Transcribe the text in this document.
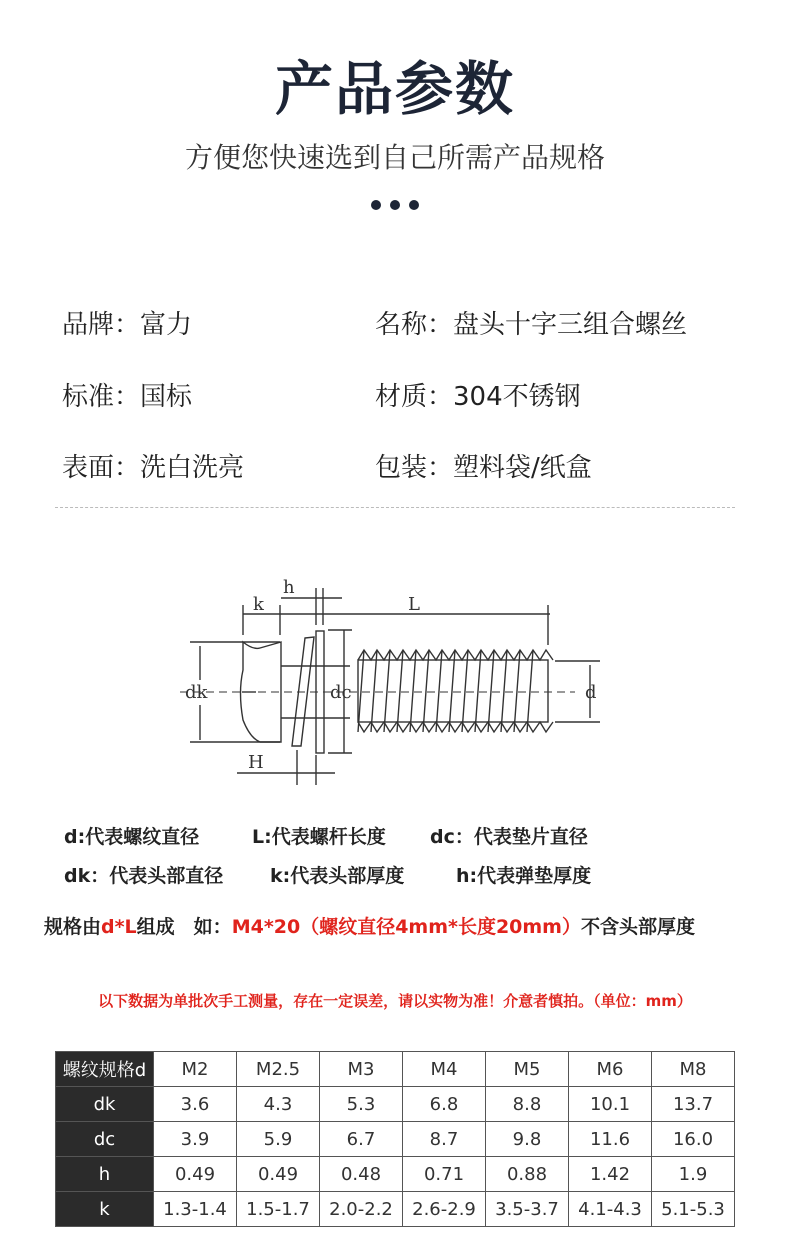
产品参数
方便您快速选到自己所需产品规格
品牌：富力	名称：盘头十字三组合螺丝
标准：国标	材质：304不锈钢
表面：洗白洗亮	包装：塑料袋/纸盒
k
h
L
dk	dc	d
H
d:代表螺纹直径	L:代表螺杆长度 dc：代表垫片直径
dk：代表头部直径 k:代表头部厚度	h:代表弹垫厚度
规格由d*L组成　如：M4*20（螺纹直径4mm*长度20mm）不含头部厚度
以下数据为单批次手工测量，存在一定误差，请以实物为准！介意者慎拍。（单位：mm）
螺纹规格d	M2	M2.5	M3	M4	M5	M6	M8
dk	3.6	4.3	5.3	6.8	8.8	10.1	13.7
dc	3.9	5.9	6.7	8.7	9.8	11.6	16.0
h	0.49	0.49	0.48	0.71	0.88	1.42	1.9
k	1.3-1.4	1.5-1.7	2.0-2.2	2.6-2.9	3.5-3.7	4.1-4.3	5.1-5.3
